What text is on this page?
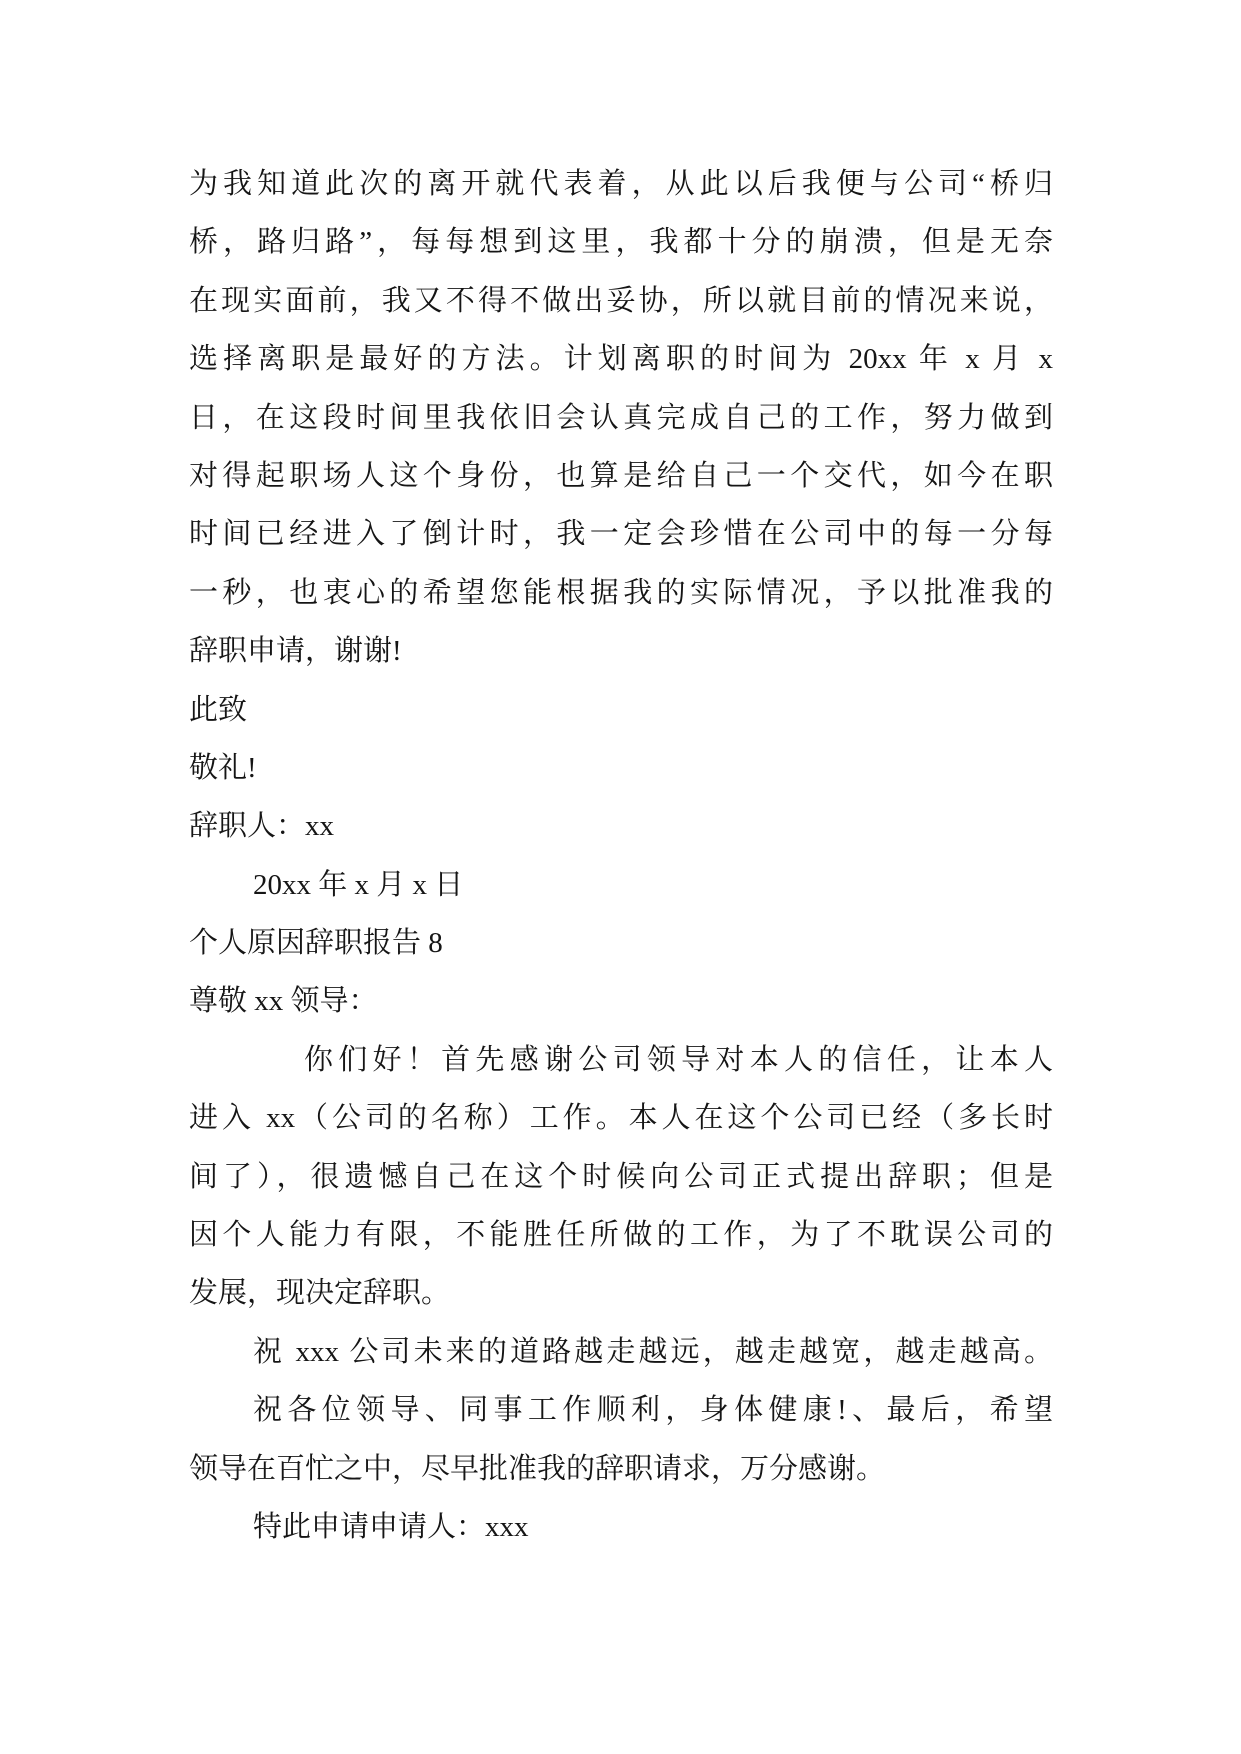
为我知道此次的离开就代表着，从此以后我便与公司“桥归
桥，路归路”，每每想到这里，我都十分的崩溃，但是无奈
在现实面前，我又不得不做出妥协，所以就目前的情况来说，
选择离职是最好的方法。计划离职的时间为 20xx 年 x 月 x
日，在这段时间里我依旧会认真完成自己的工作，努力做到
对得起职场人这个身份，也算是给自己一个交代，如今在职
时间已经进入了倒计时，我一定会珍惜在公司中的每一分每
一秒，也衷心的希望您能根据我的实际情况，予以批准我的
辞职申请，谢谢!
此致
敬礼!
辞职人：xx
20xx 年 x 月 x 日
个人原因辞职报告 8
尊敬 xx 领导：
你们好！首先感谢公司领导对本人的信任，让本人
进入 xx（公司的名称）工作。本人在这个公司已经（多长时
间了），很遗憾自己在这个时候向公司正式提出辞职；但是
因个人能力有限，不能胜任所做的工作，为了不耽误公司的
发展，现决定辞职。
祝 xxx 公司未来的道路越走越远，越走越宽，越走越高。
祝各位领导、同事工作顺利，身体健康!、最后，希望
领导在百忙之中，尽早批准我的辞职请求，万分感谢。
特此申请申请人：xxx
